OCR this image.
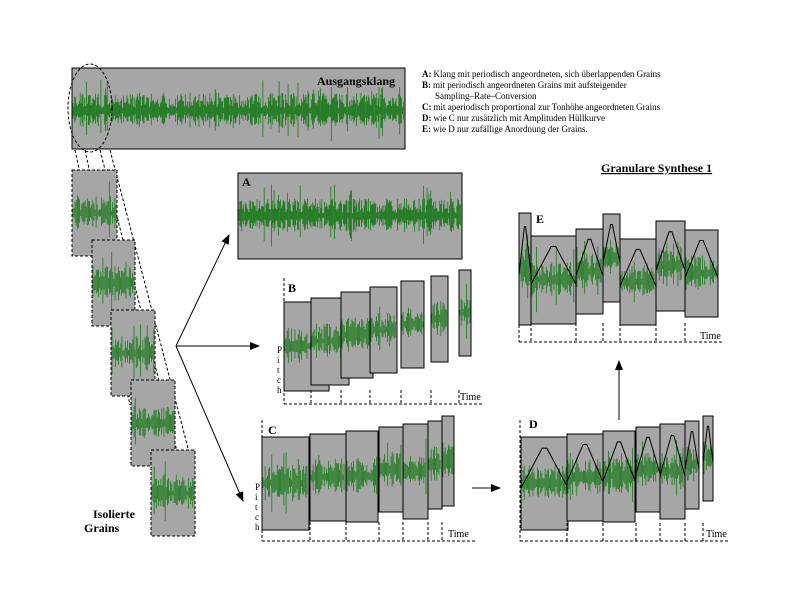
Ausgangsklang	A: Klang mit periodisch angeordneten, sich überlappenden Grains
B: mit periodisch angeordneten Grains mit aufsteigender
Sampling–Rate–Conversion
C: mit aperiodisch proportional zur Tonhöhe angeordneten Grains
D: wie C nur zusätzlich mit Amplituden Hüllkurve
E: wie D nur zufällige Anordnung der Grains.
Granulare Synthese 1
Isolierte Grains
A
B
P i t c h
Time
C
P i t c h
Time
D
Time
E
Time
